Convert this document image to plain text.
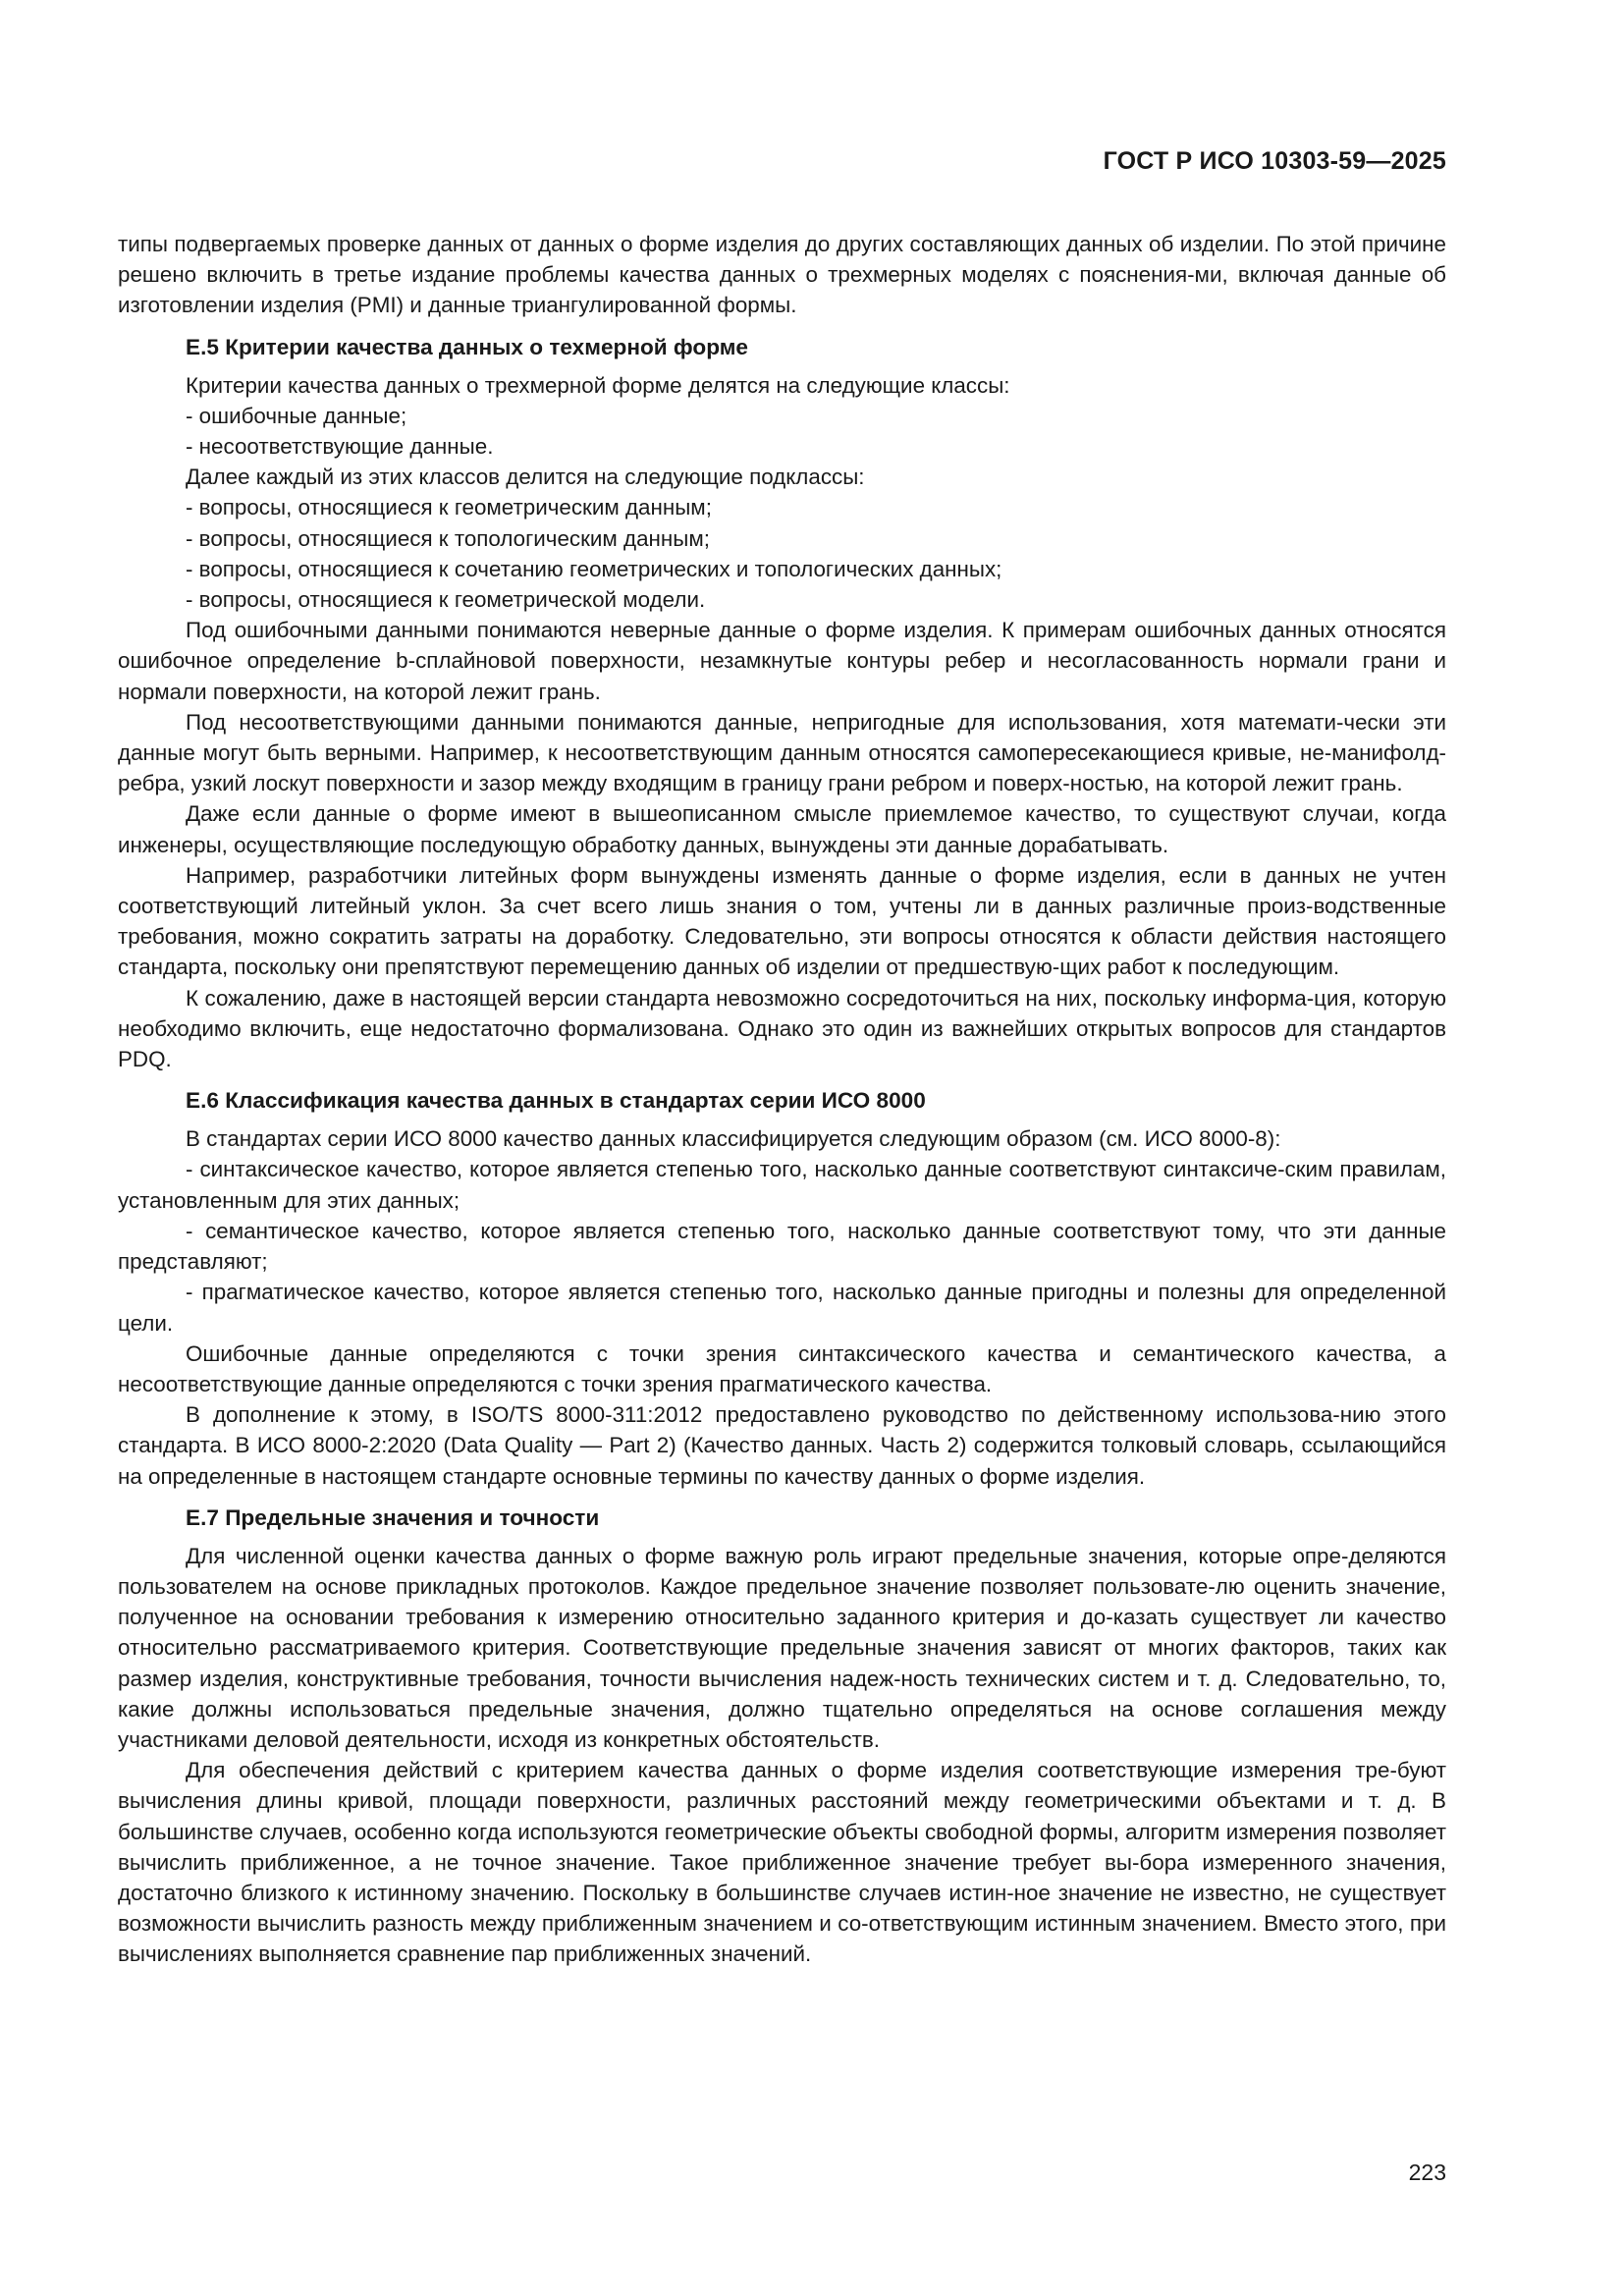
ГОСТ Р ИСО 10303-59—2025

типы подвергаемых проверке данных от данных о форме изделия до других составляющих данных об изделии. По этой причине решено включить в третье издание проблемы качества данных о трехмерных моделях с пояснения-ми, включая данные об изготовлении изделия (PMI) и данные триангулированной формы.

Е.5 Критерии качества данных о техмерной форме

Критерии качества данных о трехмерной форме делятся на следующие классы:

- ошибочные данные;

- несоответствующие данные.

Далее каждый из этих классов делится на следующие подклассы:

- вопросы, относящиеся к геометрическим данным;

- вопросы, относящиеся к топологическим данным;

- вопросы, относящиеся к сочетанию геометрических и топологических данных;

- вопросы, относящиеся к геометрической модели.

Под ошибочными данными понимаются неверные данные о форме изделия. К примерам ошибочных данных относятся ошибочное определение b-сплайновой поверхности, незамкнутые контуры ребер и несогласованность нормали грани и нормали поверхности, на которой лежит грань.

Под несоответствующими данными понимаются данные, непригодные для использования, хотя математи-чески эти данные могут быть верными. Например, к несоответствующим данным относятся самопересекающиеся кривые, не-манифолд-ребра, узкий лоскут поверхности и зазор между входящим в границу грани ребром и поверх-ностью, на которой лежит грань.

Даже если данные о форме имеют в вышеописанном смысле приемлемое качество, то существуют случаи, когда инженеры, осуществляющие последующую обработку данных, вынуждены эти данные дорабатывать.

Например, разработчики литейных форм вынуждены изменять данные о форме изделия, если в данных не учтен соответствующий литейный уклон. За счет всего лишь знания о том, учтены ли в данных различные произ-водственные требования, можно сократить затраты на доработку. Следовательно, эти вопросы относятся к области действия настоящего стандарта, поскольку они препятствуют перемещению данных об изделии от предшествую-щих работ к последующим.

К сожалению, даже в настоящей версии стандарта невозможно сосредоточиться на них, поскольку информа-ция, которую необходимо включить, еще недостаточно формализована. Однако это один из важнейших открытых вопросов для стандартов PDQ.

Е.6 Классификация качества данных в стандартах серии ИСО 8000

В стандартах серии ИСО 8000 качество данных классифицируется следующим образом (см. ИСО 8000-8):

- синтаксическое качество, которое является степенью того, насколько данные соответствуют синтаксиче-ским правилам, установленным для этих данных;

- семантическое качество, которое является степенью того, насколько данные соответствуют тому, что эти данные представляют;

- прагматическое качество, которое является степенью того, насколько данные пригодны и полезны для определенной цели.

Ошибочные данные определяются с точки зрения синтаксического качества и семантического качества, а несоответствующие данные определяются с точки зрения прагматического качества.

В дополнение к этому, в ISO/TS 8000-311:2012 предоставлено руководство по действенному использова-нию этого стандарта. В ИСО 8000-2:2020 (Data Quality — Part 2) (Качество данных. Часть 2) содержится толковый словарь, ссылающийся на определенные в настоящем стандарте основные термины по качеству данных о форме изделия.

Е.7 Предельные значения и точности

Для численной оценки качества данных о форме важную роль играют предельные значения, которые опре-деляются пользователем на основе прикладных протоколов. Каждое предельное значение позволяет пользовате-лю оценить значение, полученное на основании требования к измерению относительно заданного критерия и до-казать существует ли качество относительно рассматриваемого критерия. Соответствующие предельные значения зависят от многих факторов, таких как размер изделия, конструктивные требования, точности вычисления надеж-ность технических систем и т. д. Следовательно, то, какие должны использоваться предельные значения, должно тщательно определяться на основе соглашения между участниками деловой деятельности, исходя из конкретных обстоятельств.

Для обеспечения действий с критерием качества данных о форме изделия соответствующие измерения тре-буют вычисления длины кривой, площади поверхности, различных расстояний между геометрическими объектами и т. д. В большинстве случаев, особенно когда используются геометрические объекты свободной формы, алгоритм измерения позволяет вычислить приближенное, а не точное значение. Такое приближенное значение требует вы-бора измеренного значения, достаточно близкого к истинному значению. Поскольку в большинстве случаев истин-ное значение не известно, не существует возможности вычислить разность между приближенным значением и со-ответствующим истинным значением. Вместо этого, при вычислениях выполняется сравнение пар приближенных значений.

223
